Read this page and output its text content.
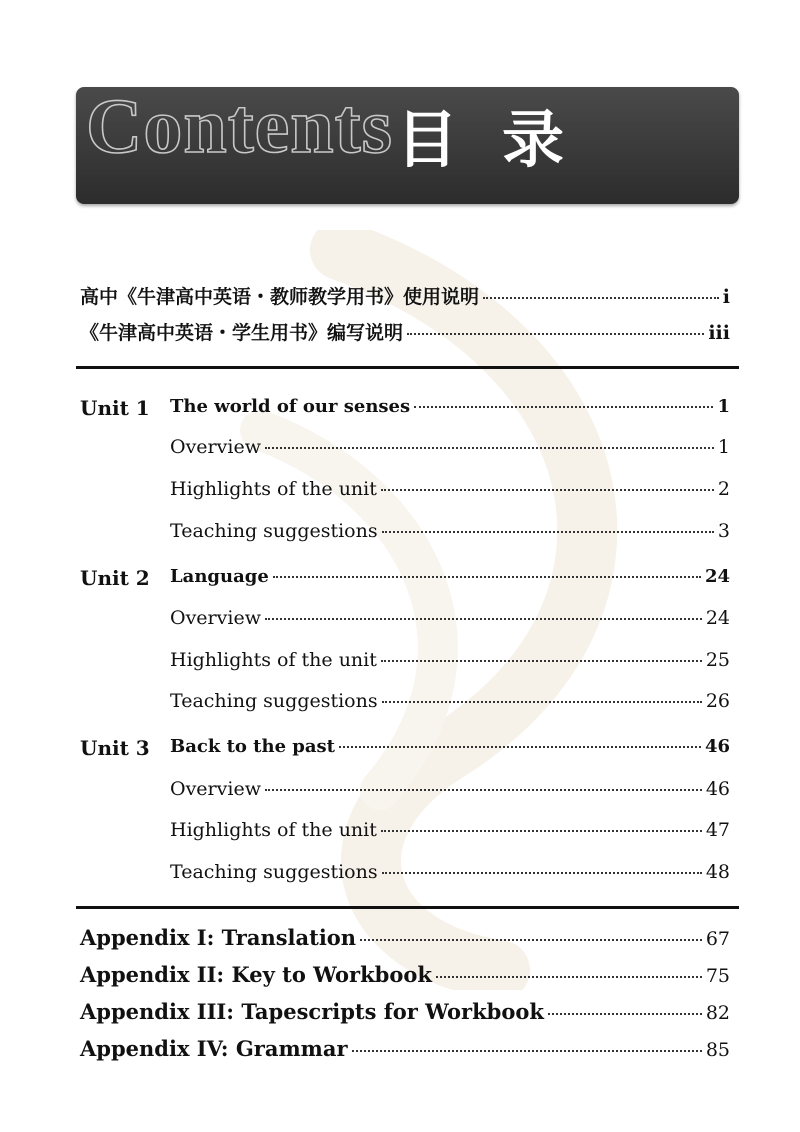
Contents 目录
高中《牛津高中英语・教师教学用书》使用说明	i
《牛津高中英语・学生用书》编写说明	iii
Unit 1 The world of our senses	1
Overview	1
Highlights of the unit	2
Teaching suggestions	3
Unit 2 Language	24
Overview	24
Highlights of the unit	25
Teaching suggestions	26
Unit 3 Back to the past	46
Overview	46
Highlights of the unit	47
Teaching suggestions	48
Appendix I: Translation	67
Appendix II: Key to Workbook	75
Appendix III: Tapescripts for Workbook	82
Appendix IV: Grammar	85
